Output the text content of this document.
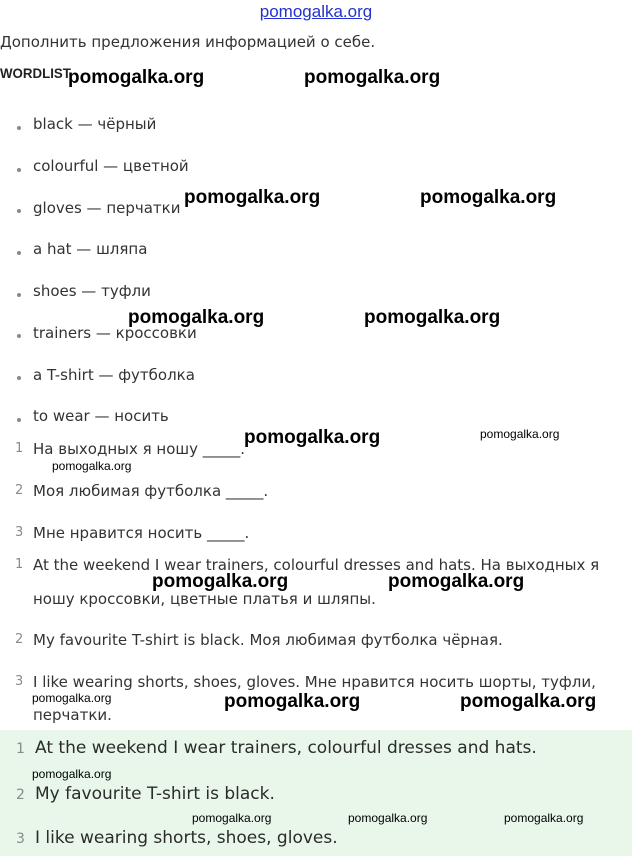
pomogalka.org
Дополнить предложения информацией о себе.
WORDLIST
black — чёрный
colourful — цветной
gloves — перчатки
a hat — шляпа
shoes — туфли
trainers — кроссовки
a T-shirt — футболка
to wear — носить
1 На выходных я ношу _____.
2 Моя любимая футболка _____.
3 Мне нравится носить _____.
1 At the weekend I wear trainers, colourful dresses and hats. На выходных я
ношу кроссовки, цветные платья и шляпы.
2 My favourite T-shirt is black. Моя любимая футболка чёрная.
3 I like wearing shorts, shoes, gloves. Мне нравится носить шорты, туфли,
перчатки.
1 At the weekend I wear trainers, colourful dresses and hats.
2 My favourite T-shirt is black.
3 I like wearing shorts, shoes, gloves.
pomogalka.org	pomogalka.org
pomogalka.org	pomogalka.org
pomogalka.org	pomogalka.org
pomogalka.org	pomogalka.org
pomogalka.org
pomogalka.org	pomogalka.org
pomogalka.org	pomogalka.org	pomogalka.org
pomogalka.org
pomogalka.org	pomogalka.org	pomogalka.org
